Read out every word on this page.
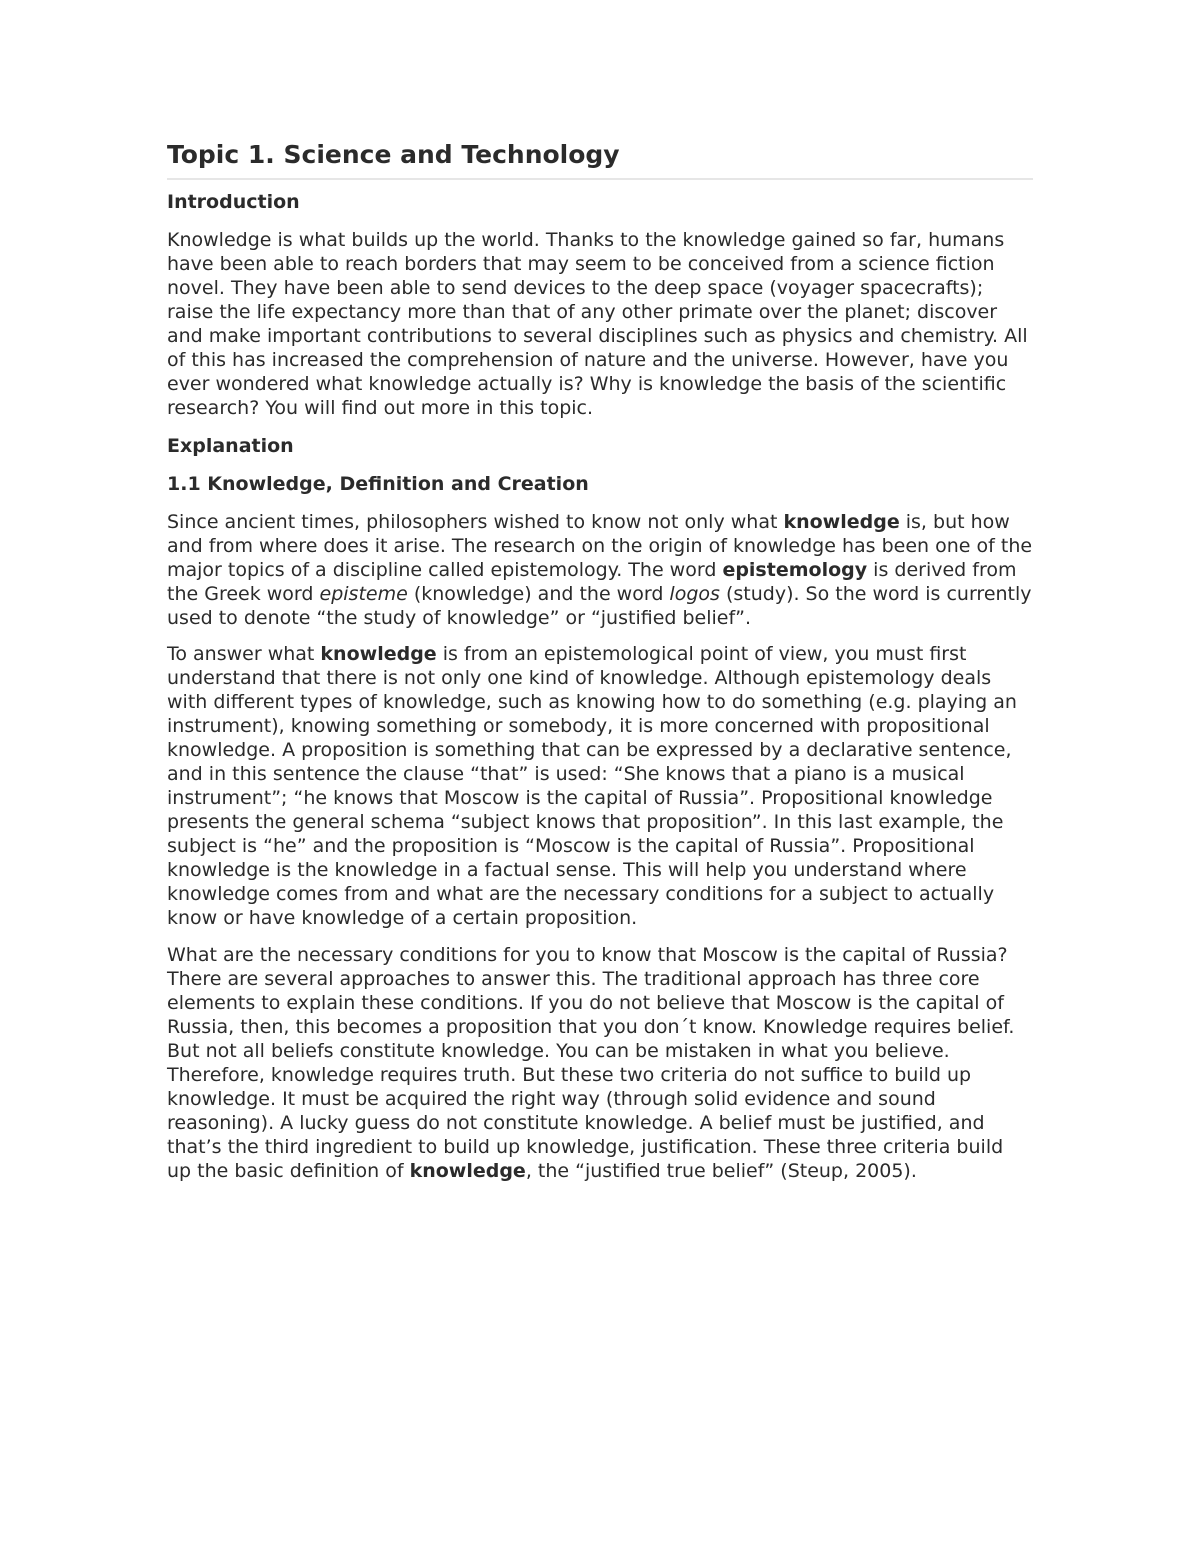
Topic 1. Science and Technology
Introduction

Knowledge is what builds up the world. Thanks to the knowledge gained so far, humans have been able to reach borders that may seem to be conceived from a science fiction novel. They have been able to send devices to the deep space (voyager spacecrafts); raise the life expectancy more than that of any other primate over the planet; discover and make important contributions to several disciplines such as physics and chemistry. All of this has increased the comprehension of nature and the universe. However, have you ever wondered what knowledge actually is? Why is knowledge the basis of the scientific research? You will find out more in this topic.

Explanation
1.1 Knowledge, Definition and Creation

Since ancient times, philosophers wished to know not only what knowledge is, but how and from where does it arise. The research on the origin of knowledge has been one of the major topics of a discipline called epistemology. The word epistemology is derived from the Greek word episteme (knowledge) and the word logos (study). So the word is currently used to denote “the study of knowledge” or “justified belief”.

To answer what knowledge is from an epistemological point of view, you must first understand that there is not only one kind of knowledge. Although epistemology deals with different types of knowledge, such as knowing how to do something (e.g. playing an instrument), knowing something or somebody, it is more concerned with propositional knowledge. A proposition is something that can be expressed by a declarative sentence, and in this sentence the clause “that” is used: “She knows that a piano is a musical instrument”; “he knows that Moscow is the capital of Russia”. Propositional knowledge presents the general schema “subject knows that proposition”. In this last example, the subject is “he” and the proposition is “Moscow is the capital of Russia”. Propositional knowledge is the knowledge in a factual sense. This will help you understand where knowledge comes from and what are the necessary conditions for a subject to actually know or have knowledge of a certain proposition.

What are the necessary conditions for you to know that Moscow is the capital of Russia? There are several approaches to answer this. The traditional approach has three core elements to explain these conditions. If you do not believe that Moscow is the capital of Russia, then, this becomes a proposition that you don´t know. Knowledge requires belief. But not all beliefs constitute knowledge. You can be mistaken in what you believe. Therefore, knowledge requires truth. But these two criteria do not suffice to build up knowledge. It must be acquired the right way (through solid evidence and sound reasoning). A lucky guess do not constitute knowledge. A belief must be justified, and that’s the third ingredient to build up knowledge, justification. These three criteria build up the basic definition of knowledge, the “justified true belief” (Steup, 2005).
